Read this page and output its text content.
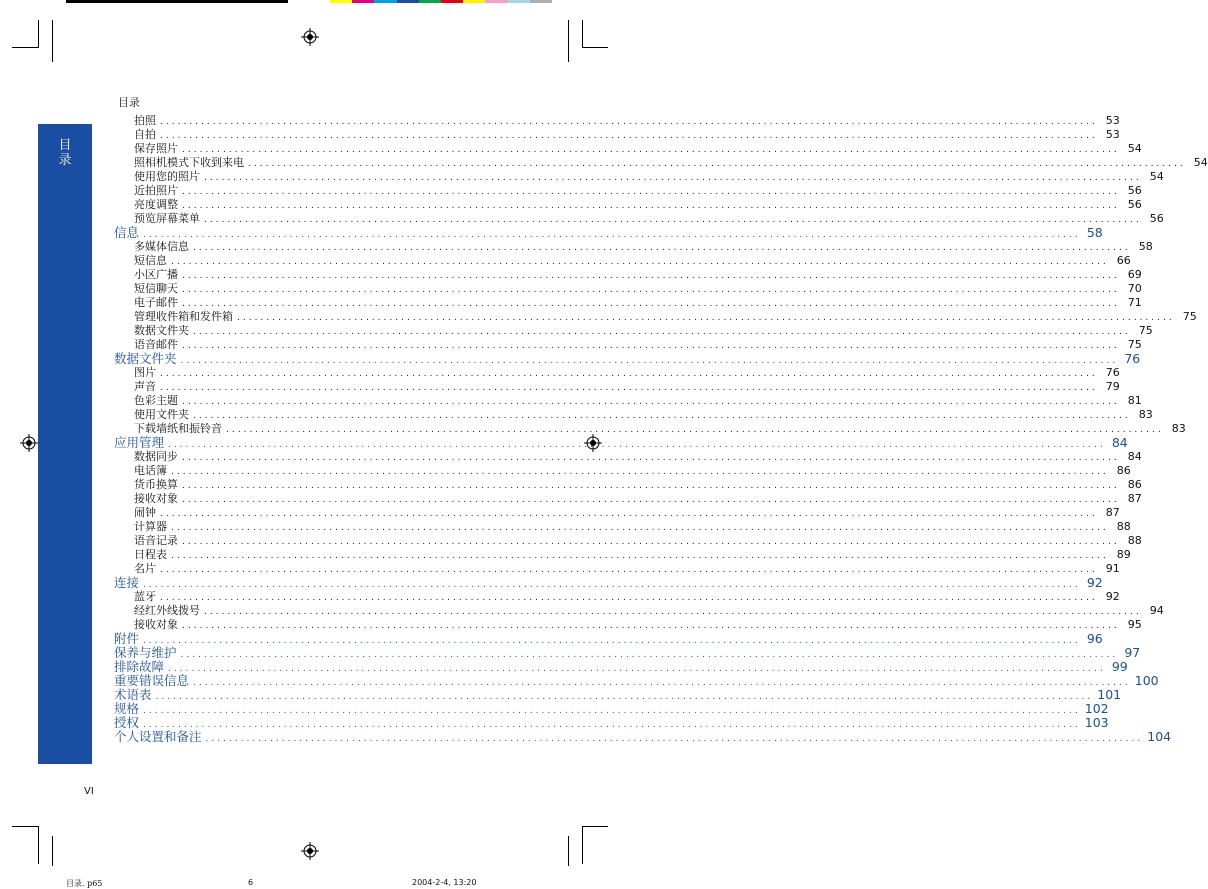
目录
目
录
拍照 ................................................................................................................................................................ 53
自拍 ................................................................................................................................................................ 53
保存照片 ................................................................................................................................................................ 54
照相机模式下收到来电 ................................................................................................................................................................ 54
使用您的照片 ................................................................................................................................................................ 54
近拍照片 ................................................................................................................................................................ 56
亮度调整 ................................................................................................................................................................ 56
预览屏幕菜单 ................................................................................................................................................................ 56
信息 ................................................................................................................................................................ 58
多媒体信息 ................................................................................................................................................................ 58
短信息 ................................................................................................................................................................ 66
小区广播 ................................................................................................................................................................ 69
短信聊天 ................................................................................................................................................................ 70
电子邮件 ................................................................................................................................................................ 71
管理收件箱和发件箱 ................................................................................................................................................................ 75
数据文件夹 ................................................................................................................................................................ 75
语音邮件 ................................................................................................................................................................ 75
数据文件夹 ................................................................................................................................................................ 76
图片 ................................................................................................................................................................ 76
声音 ................................................................................................................................................................ 79
色彩主题 ................................................................................................................................................................ 81
使用文件夹 ................................................................................................................................................................ 83
下载墙纸和振铃音 ................................................................................................................................................................ 83
应用管理 ................................................................................................................................................................ 84
数据同步 ................................................................................................................................................................ 84
电话簿 ................................................................................................................................................................ 86
货币换算 ................................................................................................................................................................ 86
接收对象 ................................................................................................................................................................ 87
闹钟 ................................................................................................................................................................ 87
计算器 ................................................................................................................................................................ 88
语音记录 ................................................................................................................................................................ 88
日程表 ................................................................................................................................................................ 89
名片 ................................................................................................................................................................ 91
连接 ................................................................................................................................................................ 92
蓝牙 ................................................................................................................................................................ 92
经红外线拨号 ................................................................................................................................................................ 94
接收对象 ................................................................................................................................................................ 95
附件 ................................................................................................................................................................ 96
保养与维护 ................................................................................................................................................................ 97
排除故障 ................................................................................................................................................................ 99
重要错误信息 ................................................................................................................................................................ 100
术语表 ................................................................................................................................................................ 101
规格 ................................................................................................................................................................ 102
授权 ................................................................................................................................................................ 103
个人设置和备注 ................................................................................................................................................................ 104
VI
目录. p65	6	2004-2-4, 13:20
